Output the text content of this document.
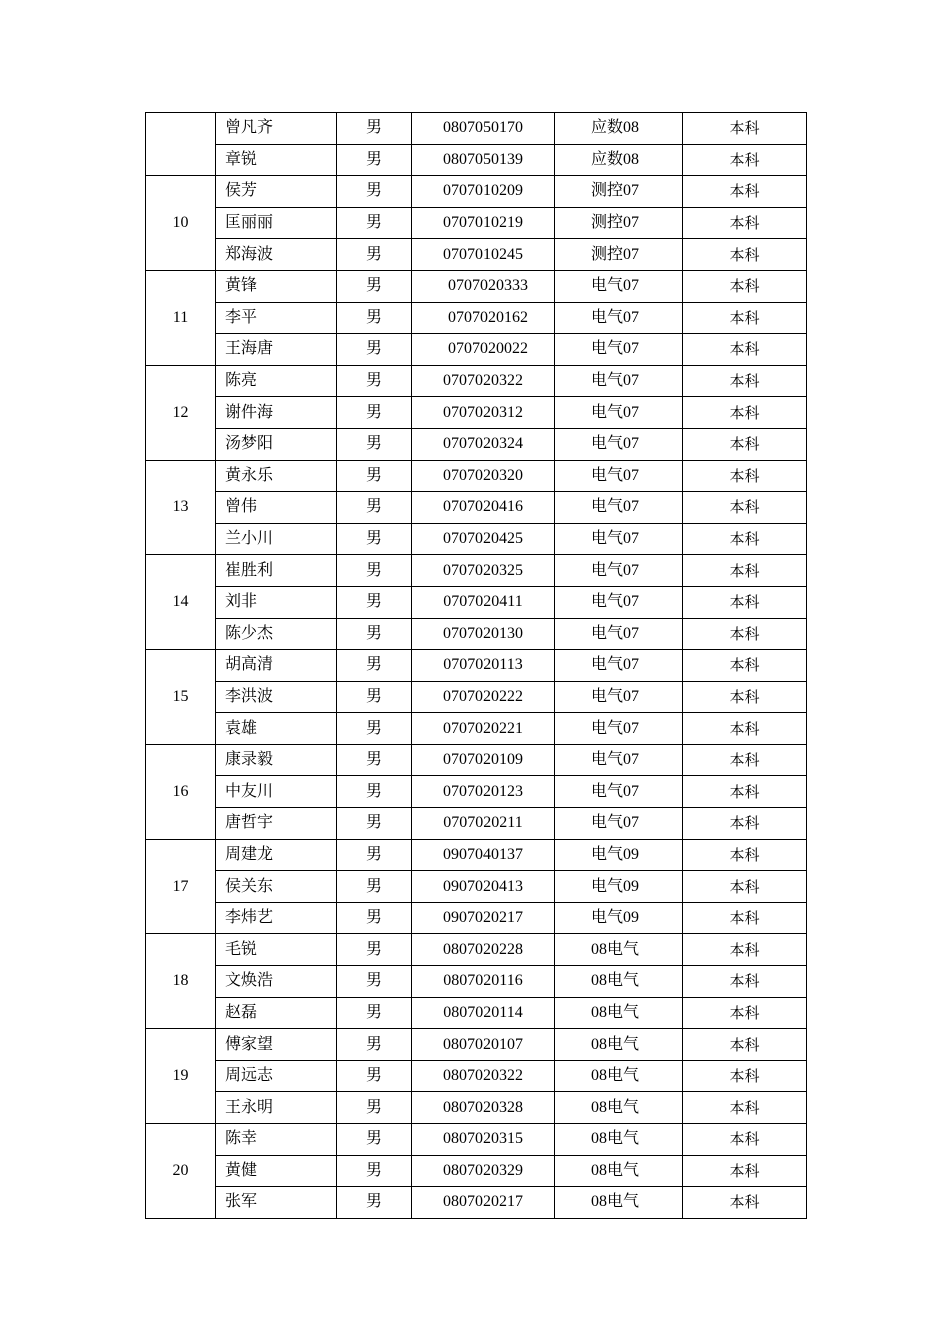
	曾凡齐	男	0807050170	应数08	本科
	章锐	男	0807050139	应数08	本科
10	侯芳	男	0707010209	测控07	本科
	匡丽丽	男	0707010219	测控07	本科
	郑海波	男	0707010245	测控07	本科
11	黄锋	男	0707020333	电气07	本科
	李平	男	0707020162	电气07	本科
	王海唐	男	0707020022	电气07	本科
12	陈亮	男	0707020322	电气07	本科
	谢件海	男	0707020312	电气07	本科
	汤梦阳	男	0707020324	电气07	本科
13	黄永乐	男	0707020320	电气07	本科
	曾伟	男	0707020416	电气07	本科
	兰小川	男	0707020425	电气07	本科
14	崔胜利	男	0707020325	电气07	本科
	刘非	男	0707020411	电气07	本科
	陈少杰	男	0707020130	电气07	本科
15	胡高清	男	0707020113	电气07	本科
	李洪波	男	0707020222	电气07	本科
	袁雄	男	0707020221	电气07	本科
16	康录毅	男	0707020109	电气07	本科
	中友川	男	0707020123	电气07	本科
	唐哲宇	男	0707020211	电气07	本科
17	周建龙	男	0907040137	电气09	本科
	侯关东	男	0907020413	电气09	本科
	李炜艺	男	0907020217	电气09	本科
18	毛锐	男	0807020228	08电气	本科
	文焕浩	男	0807020116	08电气	本科
	赵磊	男	0807020114	08电气	本科
19	傅家望	男	0807020107	08电气	本科
	周远志	男	0807020322	08电气	本科
	王永明	男	0807020328	08电气	本科
20	陈幸	男	0807020315	08电气	本科
	黄健	男	0807020329	08电气	本科
	张军	男	0807020217	08电气	本科
